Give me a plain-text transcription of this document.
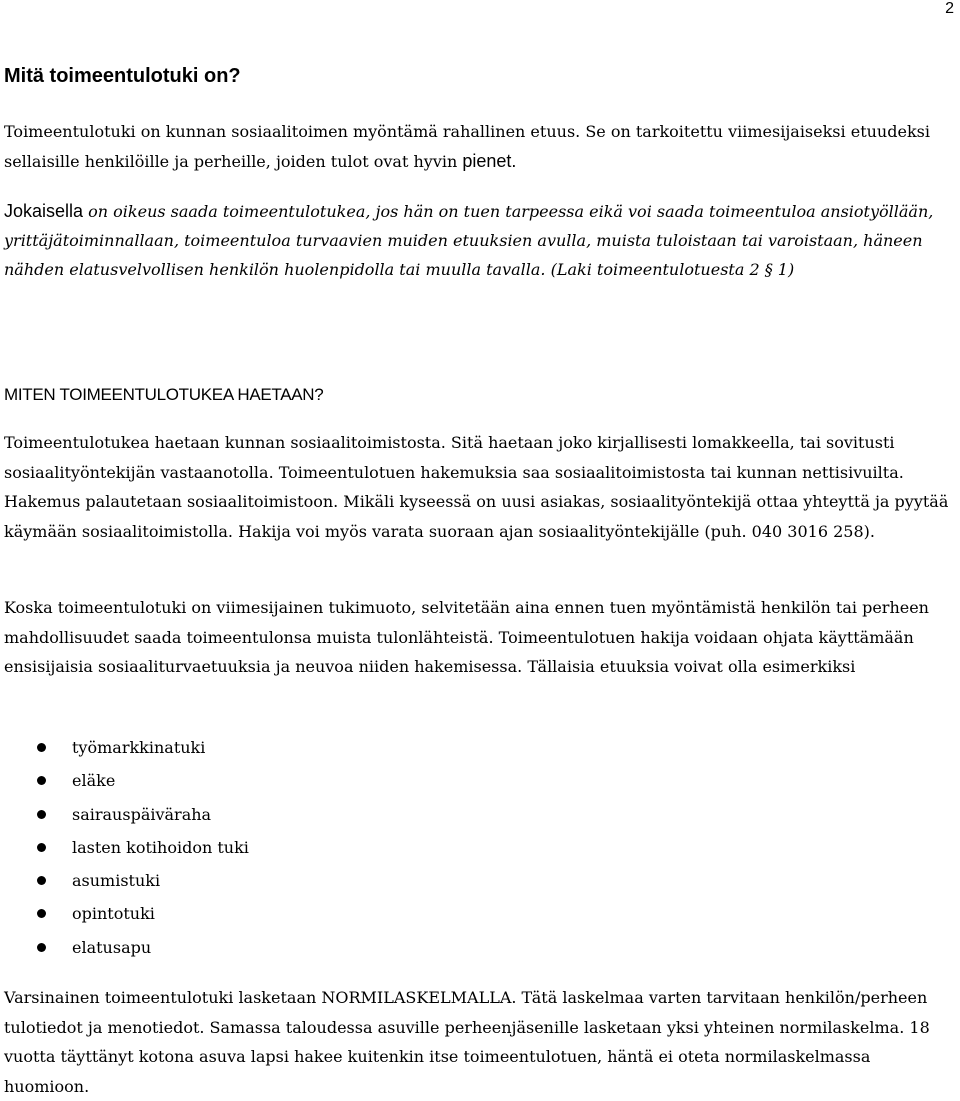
2
Mitä toimeentulotuki on?

Toimeentulotuki on kunnan sosiaalitoimen myöntämä rahallinen etuus. Se on tarkoitettu viimesijaiseksi etuudeksi sellaisille henkilöille ja perheille, joiden tulot ovat hyvin pienet.

Jokaisella on oikeus saada toimeentulotukea, jos hän on tuen tarpeessa eikä voi saada toimeentuloa ansiotyöllään, yrittäjätoiminnallaan, toimeentuloa turvaavien muiden etuuksien avulla, muista tuloistaan tai varoistaan, häneen nähden elatusvelvollisen henkilön huolenpidolla tai muulla tavalla. (Laki toimeentulotuesta 2 § 1)

MITEN TOIMEENTULOTUKEA HAETAAN?

Toimeentulotukea haetaan kunnan sosiaalitoimistosta. Sitä haetaan joko kirjallisesti lomakkeella, tai sovitusti sosiaalityöntekijän vastaanotolla. Toimeentulotuen hakemuksia saa sosiaalitoimistosta tai kunnan nettisivuilta. Hakemus palautetaan sosiaalitoimistoon. Mikäli kyseessä on uusi asiakas, sosiaalityöntekijä ottaa yhteyttä ja pyytää käymään sosiaalitoimistolla. Hakija voi myös varata suoraan ajan sosiaalityöntekijälle (puh. 040 3016 258).

Koska toimeentulotuki on viimesijainen tukimuoto, selvitetään aina ennen tuen myöntämistä henkilön tai perheen mahdollisuudet saada toimeentulonsa muista tulonlähteistä. Toimeentulotuen hakija voidaan ohjata käyttämään ensisijaisia sosiaaliturvaetuuksia ja neuvoa niiden hakemisessa. Tällaisia etuuksia voivat olla esimerkiksi

työmarkkinatuki
eläke
sairauspäiväraha
lasten kotihoidon tuki
asumistuki
opintotuki
elatusapu

Varsinainen toimeentulotuki lasketaan NORMILASKELMALLA. Tätä laskelmaa varten tarvitaan henkilön/perheen tulotiedot ja menotiedot. Samassa taloudessa asuville perheenjäsenille lasketaan yksi yhteinen normilaskelma. 18 vuotta täyttänyt kotona asuva lapsi hakee kuitenkin itse toimeentulotuen, häntä ei oteta normilaskelmassa huomioon.
